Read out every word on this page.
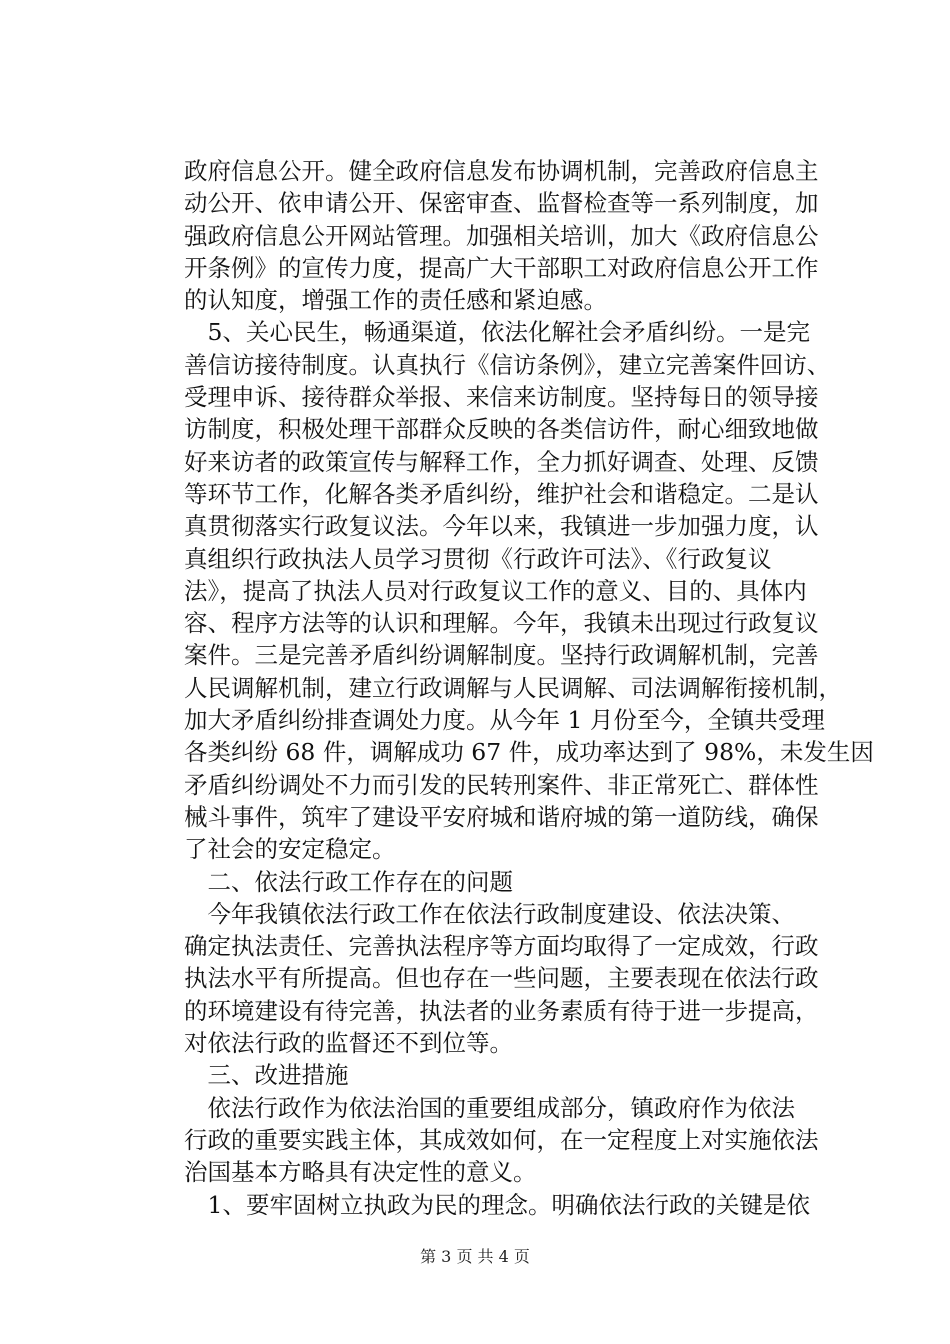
政府信息公开。健全政府信息发布协调机制，完善政府信息主
动公开、依申请公开、保密审查、监督检查等一系列制度，加
强政府信息公开网站管理。加强相关培训，加大《政府信息公
开条例》的宣传力度，提高广大干部职工对政府信息公开工作
的认知度，增强工作的责任感和紧迫感。
　5、关心民生，畅通渠道，依法化解社会矛盾纠纷。一是完
善信访接待制度。认真执行《信访条例》，建立完善案件回访、
受理申诉、接待群众举报、来信来访制度。坚持每日的领导接
访制度，积极处理干部群众反映的各类信访件，耐心细致地做
好来访者的政策宣传与解释工作，全力抓好调查、处理、反馈
等环节工作，化解各类矛盾纠纷，维护社会和谐稳定。二是认
真贯彻落实行政复议法。今年以来，我镇进一步加强力度，认
真组织行政执法人员学习贯彻《行政许可法》、《行政复议
法》，提高了执法人员对行政复议工作的意义、目的、具体内
容、程序方法等的认识和理解。今年，我镇未出现过行政复议
案件。三是完善矛盾纠纷调解制度。坚持行政调解机制，完善
人民调解机制，建立行政调解与人民调解、司法调解衔接机制，
加大矛盾纠纷排查调处力度。从今年 1 月份至今，全镇共受理
各类纠纷 68 件，调解成功 67 件，成功率达到了 98%，未发生因
矛盾纠纷调处不力而引发的民转刑案件、非正常死亡、群体性
械斗事件，筑牢了建设平安府城和谐府城的第一道防线，确保
了社会的安定稳定。
　二、依法行政工作存在的问题
　今年我镇依法行政工作在依法行政制度建设、依法决策、
确定执法责任、完善执法程序等方面均取得了一定成效，行政
执法水平有所提高。但也存在一些问题，主要表现在依法行政
的环境建设有待完善，执法者的业务素质有待于进一步提高，
对依法行政的监督还不到位等。
　三、改进措施
　依法行政作为依法治国的重要组成部分，镇政府作为依法
行政的重要实践主体，其成效如何，在一定程度上对实施依法
治国基本方略具有决定性的意义。
　1、要牢固树立执政为民的理念。明确依法行政的关键是依
第 3 页 共 4 页
